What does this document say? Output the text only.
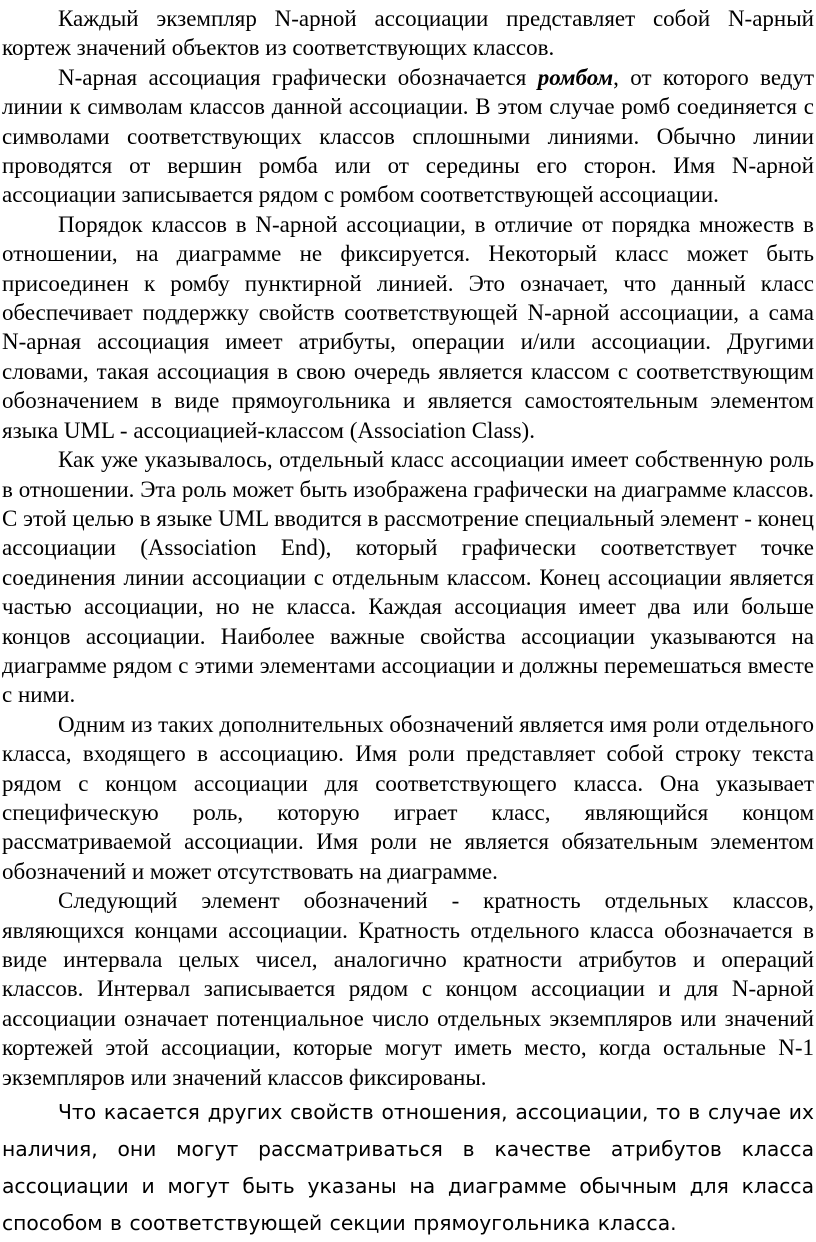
Каждый экземпляр N-арной ассоциации представляет собой N-арный кортеж значений объектов из соответствующих классов.

N-арная ассоциация графически обозначается ромбом, от которого ведут линии к символам классов данной ассоциации. В этом случае ромб соединяется с символами соответствующих классов сплошными линиями. Обычно линии проводятся от вершин ромба или от середины его сторон. Имя N-арной ассоциации записывается рядом с ромбом соответствующей ассоциации.

Порядок классов в N-арной ассоциации, в отличие от порядка множеств в отношении, на диаграмме не фиксируется. Некоторый класс может быть присоединен к ромбу пунктирной линией. Это означает, что данный класс обеспечивает поддержку свойств соответствующей N-арной ассоциации, а сама N-арная ассоциация имеет атрибуты, операции и/или ассоциации. Другими словами, такая ассоциация в свою очередь является классом с соответствующим обозначением в виде прямоугольника и является самостоятельным элементом языка UML - ассоциацией-классом (Association Class).

Как уже указывалось, отдельный класс ассоциации имеет собственную роль в отношении. Эта роль может быть изображена графически на диаграмме классов. С этой целью в языке UML вводится в рассмотрение специальный элемент - конец ассоциации (Association End), который графически соответствует точке соединения линии ассоциации с отдельным классом. Конец ассоциации является частью ассоциации, но не класса. Каждая ассоциация имеет два или больше концов ассоциации. Наиболее важные свойства ассоциации указываются на диаграмме рядом с этими элементами ассоциации и должны перемешаться вместе с ними.

Одним из таких дополнительных обозначений является имя роли отдельного класса, входящего в ассоциацию. Имя роли представляет собой строку текста рядом с концом ассоциации для соответствующего класса. Она указывает специфическую роль, которую играет класс, являющийся концом рассматриваемой ассоциации. Имя роли не является обязательным элементом обозначений и может отсутствовать на диаграмме.

Следующий элемент обозначений - кратность отдельных классов, являющихся концами ассоциации. Кратность отдельного класса обозначается в виде интервала целых чисел, аналогично кратности атрибутов и операций классов. Интервал записывается рядом с концом ассоциации и для N-арной ассоциации означает потенциальное число отдельных экземпляров или значений кортежей этой ассоциации, которые могут иметь место, когда остальные N-1 экземпляров или значений классов фиксированы.

Что касается других свойств отношения, ассоциации, то в случае их наличия, они могут рассматриваться в качестве атрибутов класса ассоциации и могут быть указаны на диаграмме обычным для класса способом в соответствующей секции прямоугольника класса.
